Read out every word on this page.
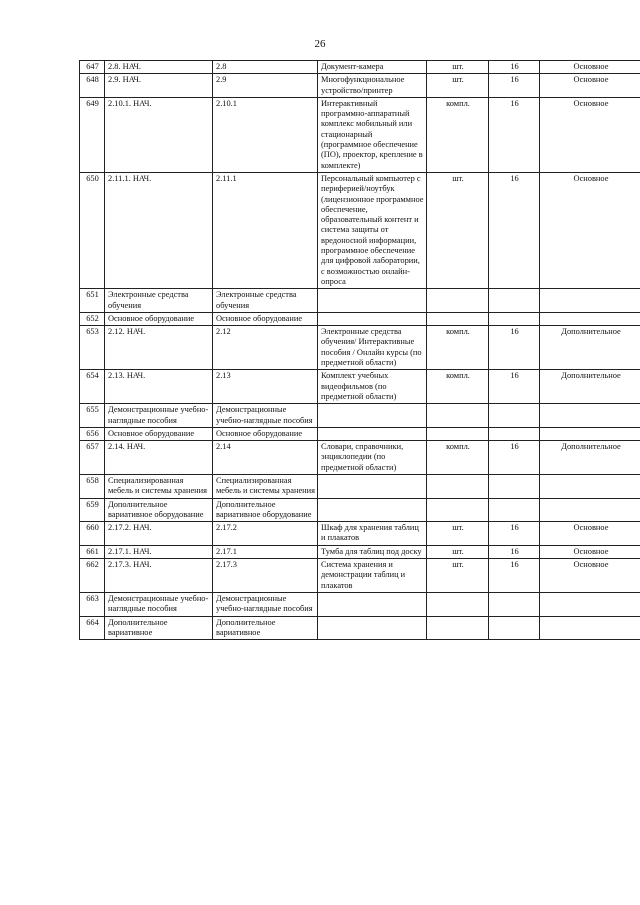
26
647	2.8. НАЧ.	2.8	Документ-камера	шт.	16	Основное
648	2.9. НАЧ.	2.9	Многофункциональное устройство/принтер	шт.	16	Основное
649	2.10.1. НАЧ.	2.10.1	Интерактивный программно-аппаратный комплекс мобильный или стационарный (программное обеспечение (ПО), проектор, крепление в комплекте)	компл.	16	Основное
650	2.11.1. НАЧ.	2.11.1	Персональный компьютер с периферией/ноутбук (лицензионное программное обеспечение, образовательный контент и система защиты от вредоносной информации, программное обеспечение для цифровой лаборатории, с возможностью онлайн-опроса	шт.	16	Основное
651	Электронные средства обучения	Электронные средства обучения				
652	Основное оборудование	Основное оборудование				
653	2.12. НАЧ.	2.12	Электронные средства обучения/ Интерактивные пособия / Онлайн курсы (по предметной области)	компл.	16	Дополнительное
654	2.13. НАЧ.	2.13	Комплект учебных видеофильмов (по предметной области)	компл.	16	Дополнительное
655	Демонстрационные учебно-наглядные пособия	Демонстрационные учебно-наглядные пособия				
656	Основное оборудование	Основное оборудование				
657	2.14. НАЧ.	2.14	Словари, справочники, энциклопедии (по предметной области)	компл.	16	Дополнительное
658	Специализированная мебель и системы хранения	Специализированная мебель и системы хранения				
659	Дополнительное вариативное оборудование	Дополнительное вариативное оборудование				
660	2.17.2. НАЧ.	2.17.2	Шкаф для хранения таблиц и плакатов	шт.	16	Основное
661	2.17.1. НАЧ.	2.17.1	Тумба для таблиц под доску	шт.	16	Основное
662	2.17.3. НАЧ.	2.17.3	Система хранения и демонстрации таблиц и плакатов	шт.	16	Основное
663	Демонстрационные учебно-наглядные пособия	Демонстрационные учебно-наглядные пособия				
664	Дополнительное вариативное	Дополнительное вариативное				
